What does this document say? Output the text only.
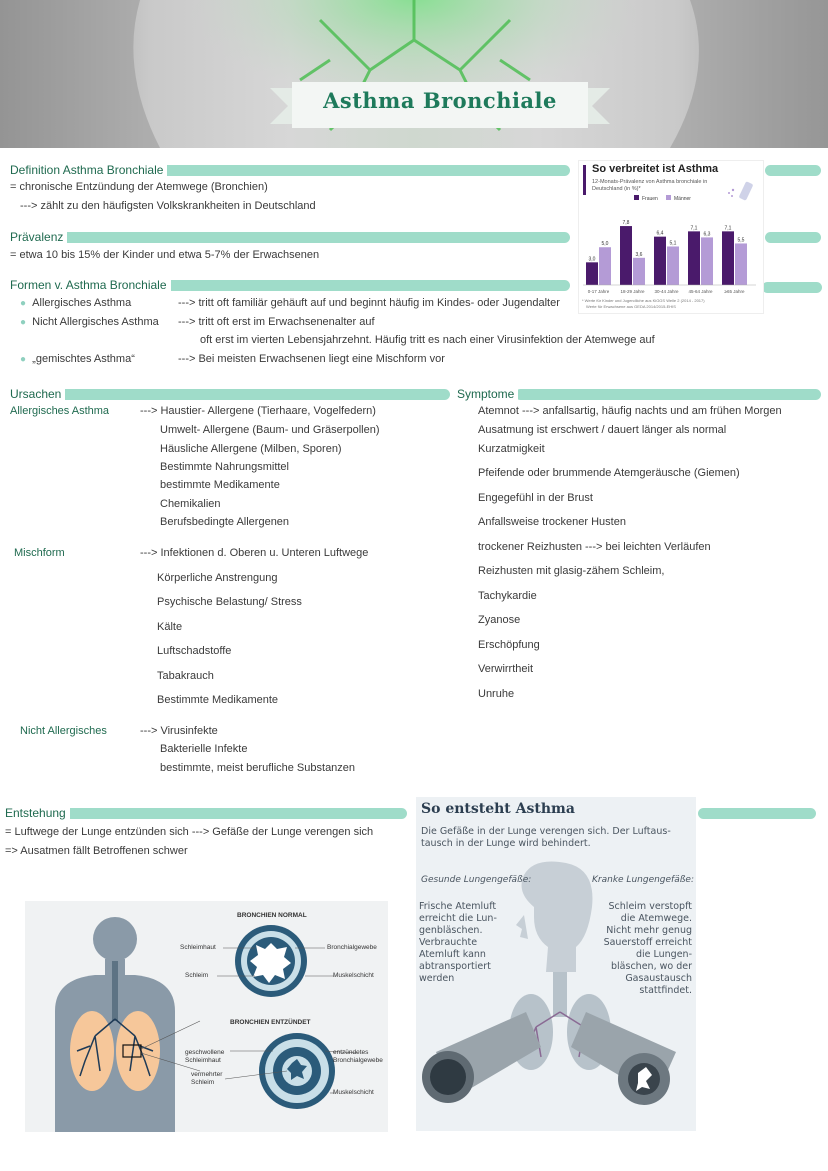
Asthma Bronchiale
Definition Asthma Bronchiale
= chronische Entzündung der Atemwege (Bronchien)
---> zählt zu den häufigsten Volkskrankheiten in Deutschland
Prävalenz
= etwa 10 bis 15% der Kinder und etwa 5-7% der Erwachsenen
Formen v. Asthma Bronchiale
● Allergisches Asthma	---> tritt oft familiär gehäuft auf und beginnt häufig im Kindes- oder Jugendalter
● Nicht Allergisches Asthma ---> tritt oft erst im Erwachsenenalter auf
oft erst im vierten Lebensjahrzehnt. Häufig tritt es nach einer Virusinfektion der Atemwege auf
● „gemischtes Asthma“	---> Bei meisten Erwachsenen liegt eine Mischform vor
So verbreitet ist Asthma
12-Monats-Prävalenz von Asthma bronchiale in Deutschland (in %)*
3,0
5,0
0-17 Jahre
7,8
3,6
18-29 Jahre
6,4
5,1
30-44 Jahre
7,1
6,3
45-64 Jahre
7,1
5,5
≥65 Jahre
Frauen	Männer
* Werte für Kinder und Jugendliche aus KiGGS Welle 2 (2014 - 2017)
Werte für Erwachsene aus GEDA 2014/2015-EHIS
Ursachen
Allergisches Asthma	---> Haustier- Allergene (Tierhaare, Vogelfedern)
Umwelt- Allergene (Baum- und Gräserpollen)
Häusliche Allergene (Milben, Sporen)
Bestimmte Nahrungsmittel
bestimmte Medikamente
Chemikalien
Berufsbedingte Allergenen
Mischform	---> Infektionen d. Oberen u. Unteren Luftwege
Körperliche Anstrengung
Psychische Belastung/ Stress
Kälte
Luftschadstoffe
Tabakrauch
Bestimmte Medikamente
Nicht Allergisches	---> Virusinfekte
Bakterielle Infekte
bestimmte, meist berufliche Substanzen
Symptome
Atemnot ---> anfallsartig, häufig nachts und am frühen Morgen
Ausatmung ist erschwert / dauert länger als normal
Kurzatmigkeit
Pfeifende oder brummende Atemgeräusche (Giemen)
Engegefühl in der Brust
Anfallsweise trockener Husten
trockener Reizhusten ---> bei leichten Verläufen
Reizhusten mit glasig-zähem Schleim,
Tachykardie
Zyanose
Erschöpfung
Verwirrtheit
Unruhe
Entstehung
= Luftwege der Lunge entzünden sich ---> Gefäße der Lunge verengen sich
=> Ausatmen fällt Betroffenen schwer
BRONCHIEN NORMAL
Schleimhaut
Schleim
Bronchialgewebe
Muskelschicht
BRONCHIEN ENTZÜNDET
geschwollene
Schleimhaut
vermehrter
Schleim
entzündetes
Bronchialgewebe
Muskelschicht
So entsteht Asthma
Die Gefäße in der Lunge verengen sich. Der Luftaus-
tausch in der Lunge wird behindert.
Gesunde Lungengefäße:	Kranke Lungengefäße:
Frische Atemluft
erreicht die Lun-
genbläschen.
Verbrauchte
Atemluft kann
abtransportiert
werden
Schleim verstopft
die Atemwege.
Nicht mehr genug
Sauerstoff erreicht
die Lungen-
bläschen, wo der
Gasaustausch
stattfindet.
